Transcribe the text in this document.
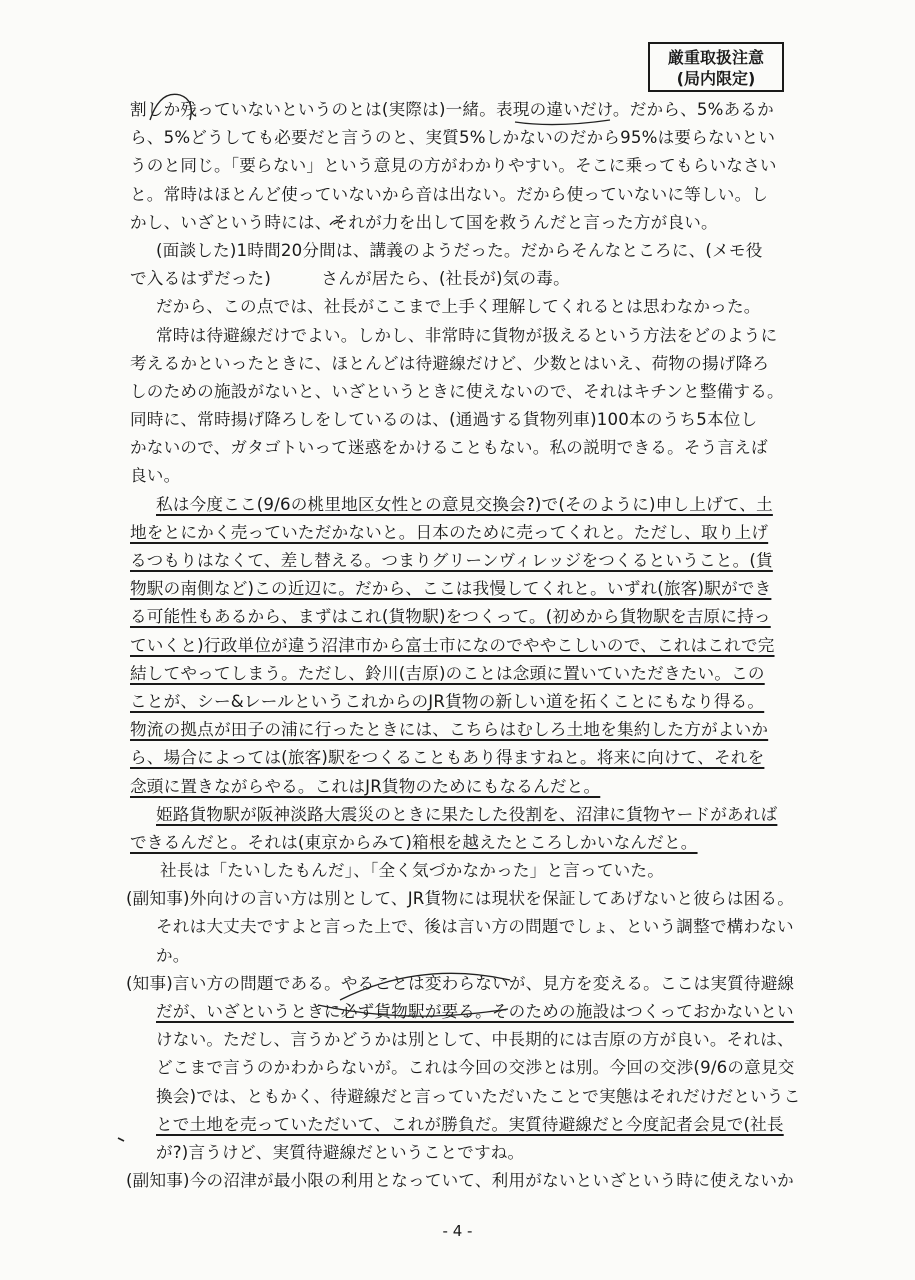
厳重取扱注意
(局内限定)
割しか残っていないというのとは(実際は)一緒。表現の違いだけ。だから、5%あるか
ら、5%どうしても必要だと言うのと、実質5%しかないのだから95%は要らないとい
うのと同じ。「要らない」という意見の方がわかりやすい。そこに乗ってもらいなさい
と。常時はほとんど使っていないから音は出ない。だから使っていないに等しい。し
かし、いざという時には、それが力を出して国を救うんだと言った方が良い。
(面談した)1時間20分間は、講義のようだった。だからそんなところに、(メモ役
で入るはずだった)　　　さんが居たら、(社長が)気の毒。
だから、この点では、社長がここまで上手く理解してくれるとは思わなかった。
常時は待避線だけでよい。しかし、非常時に貨物が扱えるという方法をどのように
考えるかといったときに、ほとんどは待避線だけど、少数とはいえ、荷物の揚げ降ろ
しのための施設がないと、いざというときに使えないので、それはキチンと整備する。
同時に、常時揚げ降ろしをしているのは、(通過する貨物列車)100本のうち5本位し
かないので、ガタゴトいって迷惑をかけることもない。私の説明できる。そう言えば
良い。
私は今度ここ(9/6の桃里地区女性との意見交換会?)で(そのように)申し上げて、土
地をとにかく売っていただかないと。日本のために売ってくれと。ただし、取り上げ
るつもりはなくて、差し替える。つまりグリーンヴィレッジをつくるということ。(貨
物駅の南側など)この近辺に。だから、ここは我慢してくれと。いずれ(旅客)駅ができ
る可能性もあるから、まずはこれ(貨物駅)をつくって。(初めから貨物駅を吉原に持っ
ていくと)行政単位が違う沼津市から富士市になのでややこしいので、これはこれで完
結してやってしまう。ただし、鈴川(吉原)のことは念頭に置いていただきたい。この
ことが、シー&レールというこれからのJR貨物の新しい道を拓くことにもなり得る。
物流の拠点が田子の浦に行ったときには、こちらはむしろ土地を集約した方がよいか
ら、場合によっては(旅客)駅をつくることもあり得ますねと。将来に向けて、それを
念頭に置きながらやる。これはJR貨物のためにもなるんだと。
姫路貨物駅が阪神淡路大震災のときに果たした役割を、沼津に貨物ヤードがあれば
できるんだと。それは(東京からみて)箱根を越えたところしかいなんだと。
社長は「たいしたもんだ」、「全く気づかなかった」と言っていた。
(副知事)外向けの言い方は別として、JR貨物には現状を保証してあげないと彼らは困る。
それは大丈夫ですよと言った上で、後は言い方の問題でしょ、という調整で構わない
か。
(知事)言い方の問題である。やることは変わらないが、見方を変える。ここは実質待避線
だが、いざというときに必ず貨物駅が要る。そのための施設はつくっておかないとい
けない。ただし、言うかどうかは別として、中長期的には吉原の方が良い。それは、
どこまで言うのかわからないが。これは今回の交渉とは別。今回の交渉(9/6の意見交
換会)では、ともかく、待避線だと言っていただいたことで実態はそれだけだというこ
とで土地を売っていただいて、これが勝負だ。実質待避線だと今度記者会見で(社長
が?)言うけど、実質待避線だということですね。
(副知事)今の沼津が最小限の利用となっていて、利用がないといざという時に使えないか
- 4 -
